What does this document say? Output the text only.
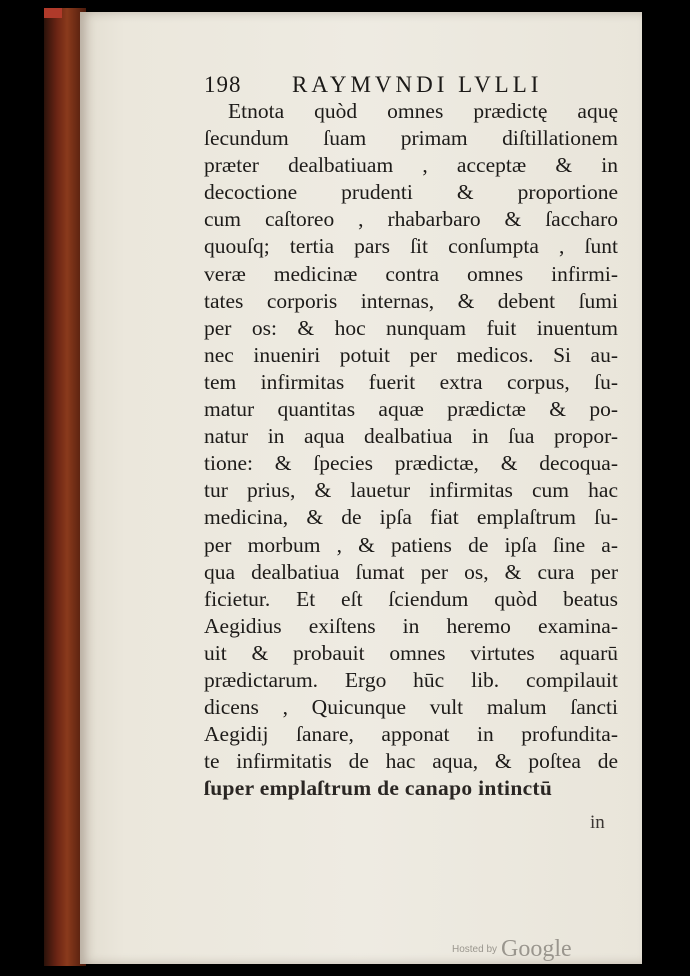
198 RAYMVNDI LVLLI
Etnota quòd omnes prædictę aquę
ſecundum ſuam primam diſtillationem
præter dealbatiuam , acceptæ & in
decoctione prudenti & proportione
cum caſtoreo , rhabarbaro & ſaccharo
quouſq; tertia pars ſit conſumpta , ſunt
veræ medicinæ contra omnes infirmi-
tates corporis internas, & debent ſumi
per os: & hoc nunquam fuit inuentum
nec inueniri potuit per medicos. Si au-
tem infirmitas fuerit extra corpus, ſu-
matur quantitas aquæ prædictæ & po-
natur in aqua dealbatiua in ſua propor-
tione: & ſpecies prædictæ, & decoqua-
tur prius, & lauetur infirmitas cum hac
medicina, & de ipſa fiat emplaſtrum ſu-
per morbum , & patiens de ipſa ſine a-
qua dealbatiua ſumat per os, & cura per
ficietur. Et eſt ſciendum quòd beatus
Aegidius exiſtens in heremo examina-
uit & probauit omnes virtutes aquarū
prædictarum. Ergo hūc lib. compilauit
dicens , Quicunque vult malum ſancti
Aegidij ſanare, apponat in profundita-
te infirmitatis de hac aqua, & poſtea de
ſuper emplaſtrum de canapo intinctū
in
Hosted by Google
